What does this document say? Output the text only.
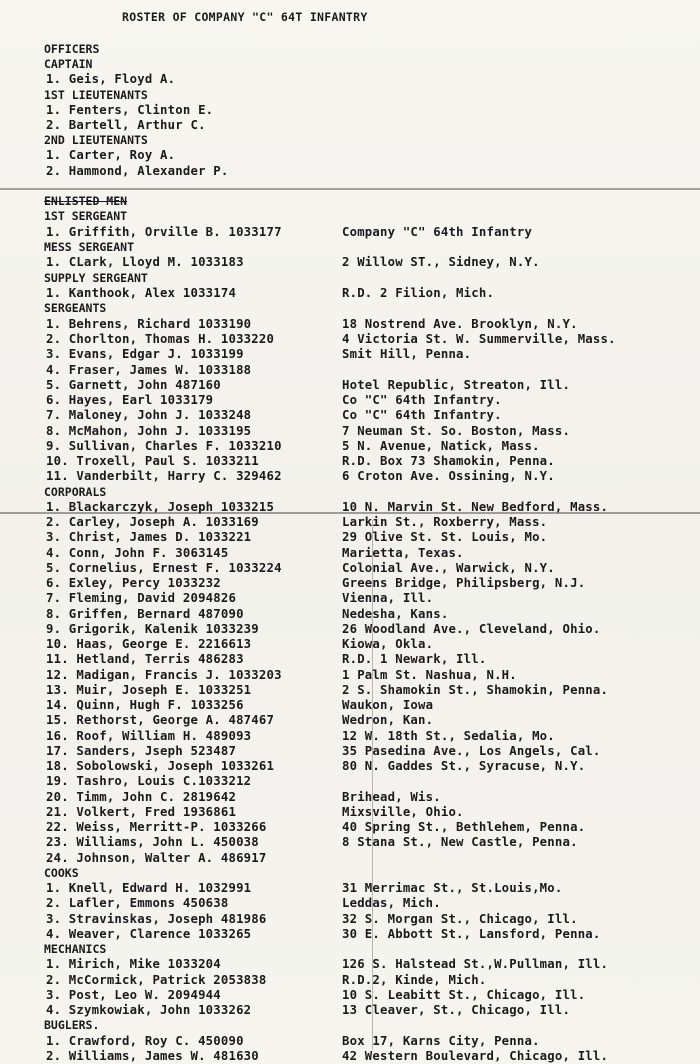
ROSTER OF COMPANY "C" 64T INFANTRY
OFFICERS
CAPTAIN
1. Geis, Floyd A.
1ST LIEUTENANTS
1. Fenters, Clinton E.
2. Bartell, Arthur C.
2ND LIEUTENANTS
1. Carter, Roy A.
2. Hammond, Alexander P.
ENLISTED MEN
1ST SERGEANT
1. Griffith, Orville B. 1033177	Company "C" 64th Infantry
MESS SERGEANT
1. CLark, Lloyd M. 1033183	2 Willow ST., Sidney, N.Y.
SUPPLY SERGEANT
1. Kanthook, Alex 1033174	R.D. 2 Filion, Mich.
SERGEANTS
1. Behrens, Richard 1033190	18 Nostrend Ave. Brooklyn, N.Y.
2. Chorlton, Thomas H. 1033220	4 Victoria St. W. Summerville, Mass.
3. Evans, Edgar J. 1033199	Smit Hill, Penna.
4. Fraser, James W. 1033188
5. Garnett, John 487160	Hotel Republic, Streaton, Ill.
6. Hayes, Earl 1033179	Co "C" 64th Infantry.
7. Maloney, John J. 1033248	Co "C" 64th Infantry.
8. McMahon, John J. 1033195	7 Neuman St. So. Boston, Mass.
9. Sullivan, Charles F. 1033210	5 N. Avenue, Natick, Mass.
10. Troxell, Paul S. 1033211	R.D. Box 73 Shamokin, Penna.
11. Vanderbilt, Harry C. 329462	6 Croton Ave. Ossining, N.Y.
CORPORALS
1. Blackarczyk, Joseph 1033215	10 N. Marvin St. New Bedford, Mass.
2. Carley, Joseph A. 1033169	Larkin St., Roxberry, Mass.
3. Christ, James D. 1033221	29 Olive St. St. Louis, Mo.
4. Conn, John F. 3063145	Marietta, Texas.
5. Cornelius, Ernest F. 1033224	Colonial Ave., Warwick, N.Y.
6. Exley, Percy 1033232	Greens Bridge, Philipsberg, N.J.
7. Fleming, David 2094826	Vienna, Ill.
8. Griffen, Bernard 487090	Nedesha, Kans.
9. Grigorik, Kalenik 1033239	26 Woodland Ave., Cleveland, Ohio.
10. Haas, George E. 2216613	Kiowa, Okla.
11. Hetland, Terris 486283	R.D. 1 Newark, Ill.
12. Madigan, Francis J. 1033203	1 Palm St. Nashua, N.H.
13. Muir, Joseph E. 1033251	2 S. Shamokin St., Shamokin, Penna.
14. Quinn, Hugh F. 1033256	Waukon, Iowa
15. Rethorst, George A. 487467	Wedron, Kan.
16. Roof, William H. 489093	12 W. 18th St., Sedalia, Mo.
17. Sanders, Jseph 523487	35 Pasedina Ave., Los Angels, Cal.
18. Sobolowski, Joseph 1033261	80 N. Gaddes St., Syracuse, N.Y.
19. Tashro, Louis C.1033212
20. Timm, John C. 2819642	Brihead, Wis.
21. Volkert, Fred 1936861	Mixsville, Ohio.
22. Weiss, Merritt-P. 1033266	40 Spring St., Bethlehem, Penna.
23. Williams, John L. 450038	8 Stana St., New Castle, Penna.
24. Johnson, Walter A. 486917
COOKS
1. Knell, Edward H. 1032991	31 Merrimac St., St.Louis,Mo.
2. Lafler, Emmons 450638	Leddas, Mich.
3. Stravinskas, Joseph 481986	32 S. Morgan St., Chicago, Ill.
4. Weaver, Clarence 1033265	30 E. Abbott St., Lansford, Penna.
MECHANICS
1. Mirich, Mike 1033204	126 S. Halstead St.,W.Pullman, Ill.
2. McCormick, Patrick 2053838	R.D.2, Kinde, Mich.
3. Post, Leo W. 2094944	10 S. Leabitt St., Chicago, Ill.
4. Szymkowiak, John 1033262	13 Cleaver, St., Chicago, Ill.
BUGLERS.
1. Crawford, Roy C. 450090	Box 17, Karns City, Penna.
2. Williams, James W. 481630	42 Western Boulevard, Chicago, Ill.
